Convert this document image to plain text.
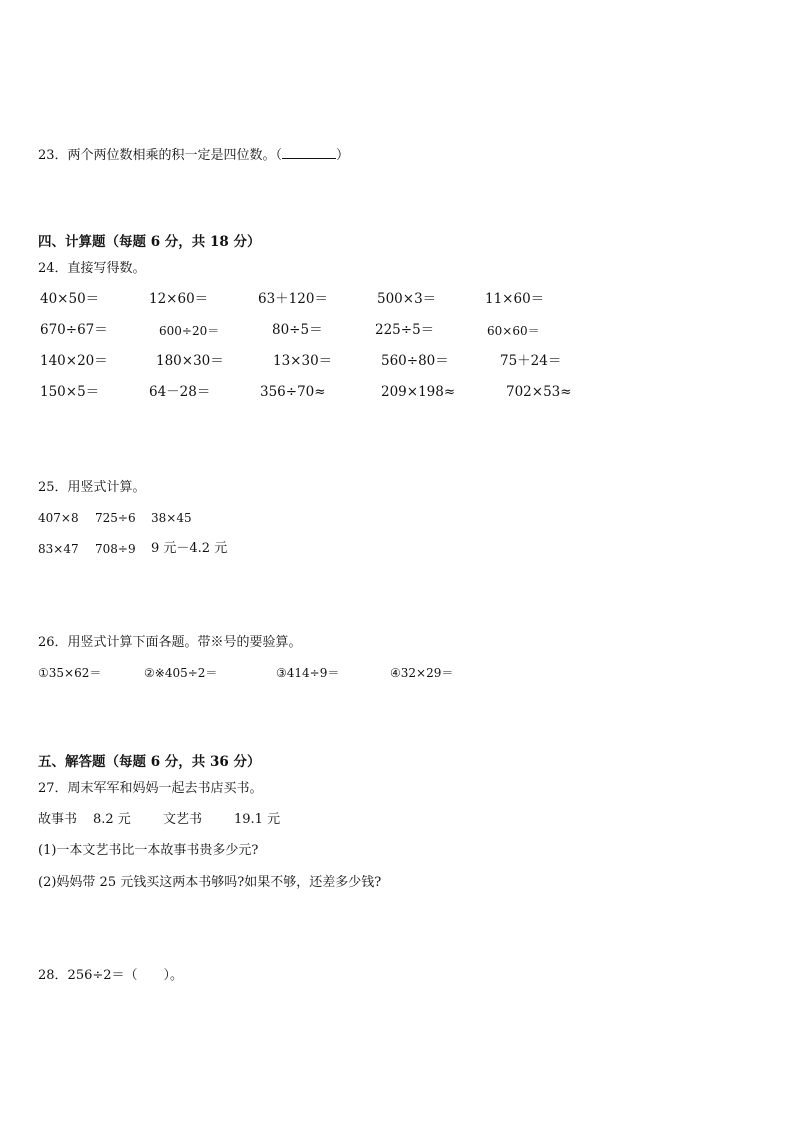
23．两个两位数相乘的积一定是四位数。（	）
四、计算题（每题 6 分，共 18 分）
24．直接写得数。
40×50＝	12×60＝	63＋120＝	500×3＝	11×60＝
670÷67＝	600÷20＝	80÷5＝	225÷5＝	60×60＝
140×20＝	180×30＝	13×30＝	560÷80＝	75＋24＝
150×5＝	64－28＝	356÷70≈	209×198≈	702×53≈
25．用竖式计算。
407×8 725÷6 38×45
83×47 708÷9 9 元－4.2 元
26．用竖式计算下面各题。带※号的要验算。
①35×62＝	②※405÷2＝	③414÷9＝	④32×29＝
五、解答题（每题 6 分，共 36 分）
27．周末军军和妈妈一起去书店买书。
故事书 8.2 元 文艺书 19.1 元
(1)一本文艺书比一本故事书贵多少元?
(2)妈妈带 25 元钱买这两本书够吗?如果不够，还差多少钱?
28．256÷2＝（　　）。
